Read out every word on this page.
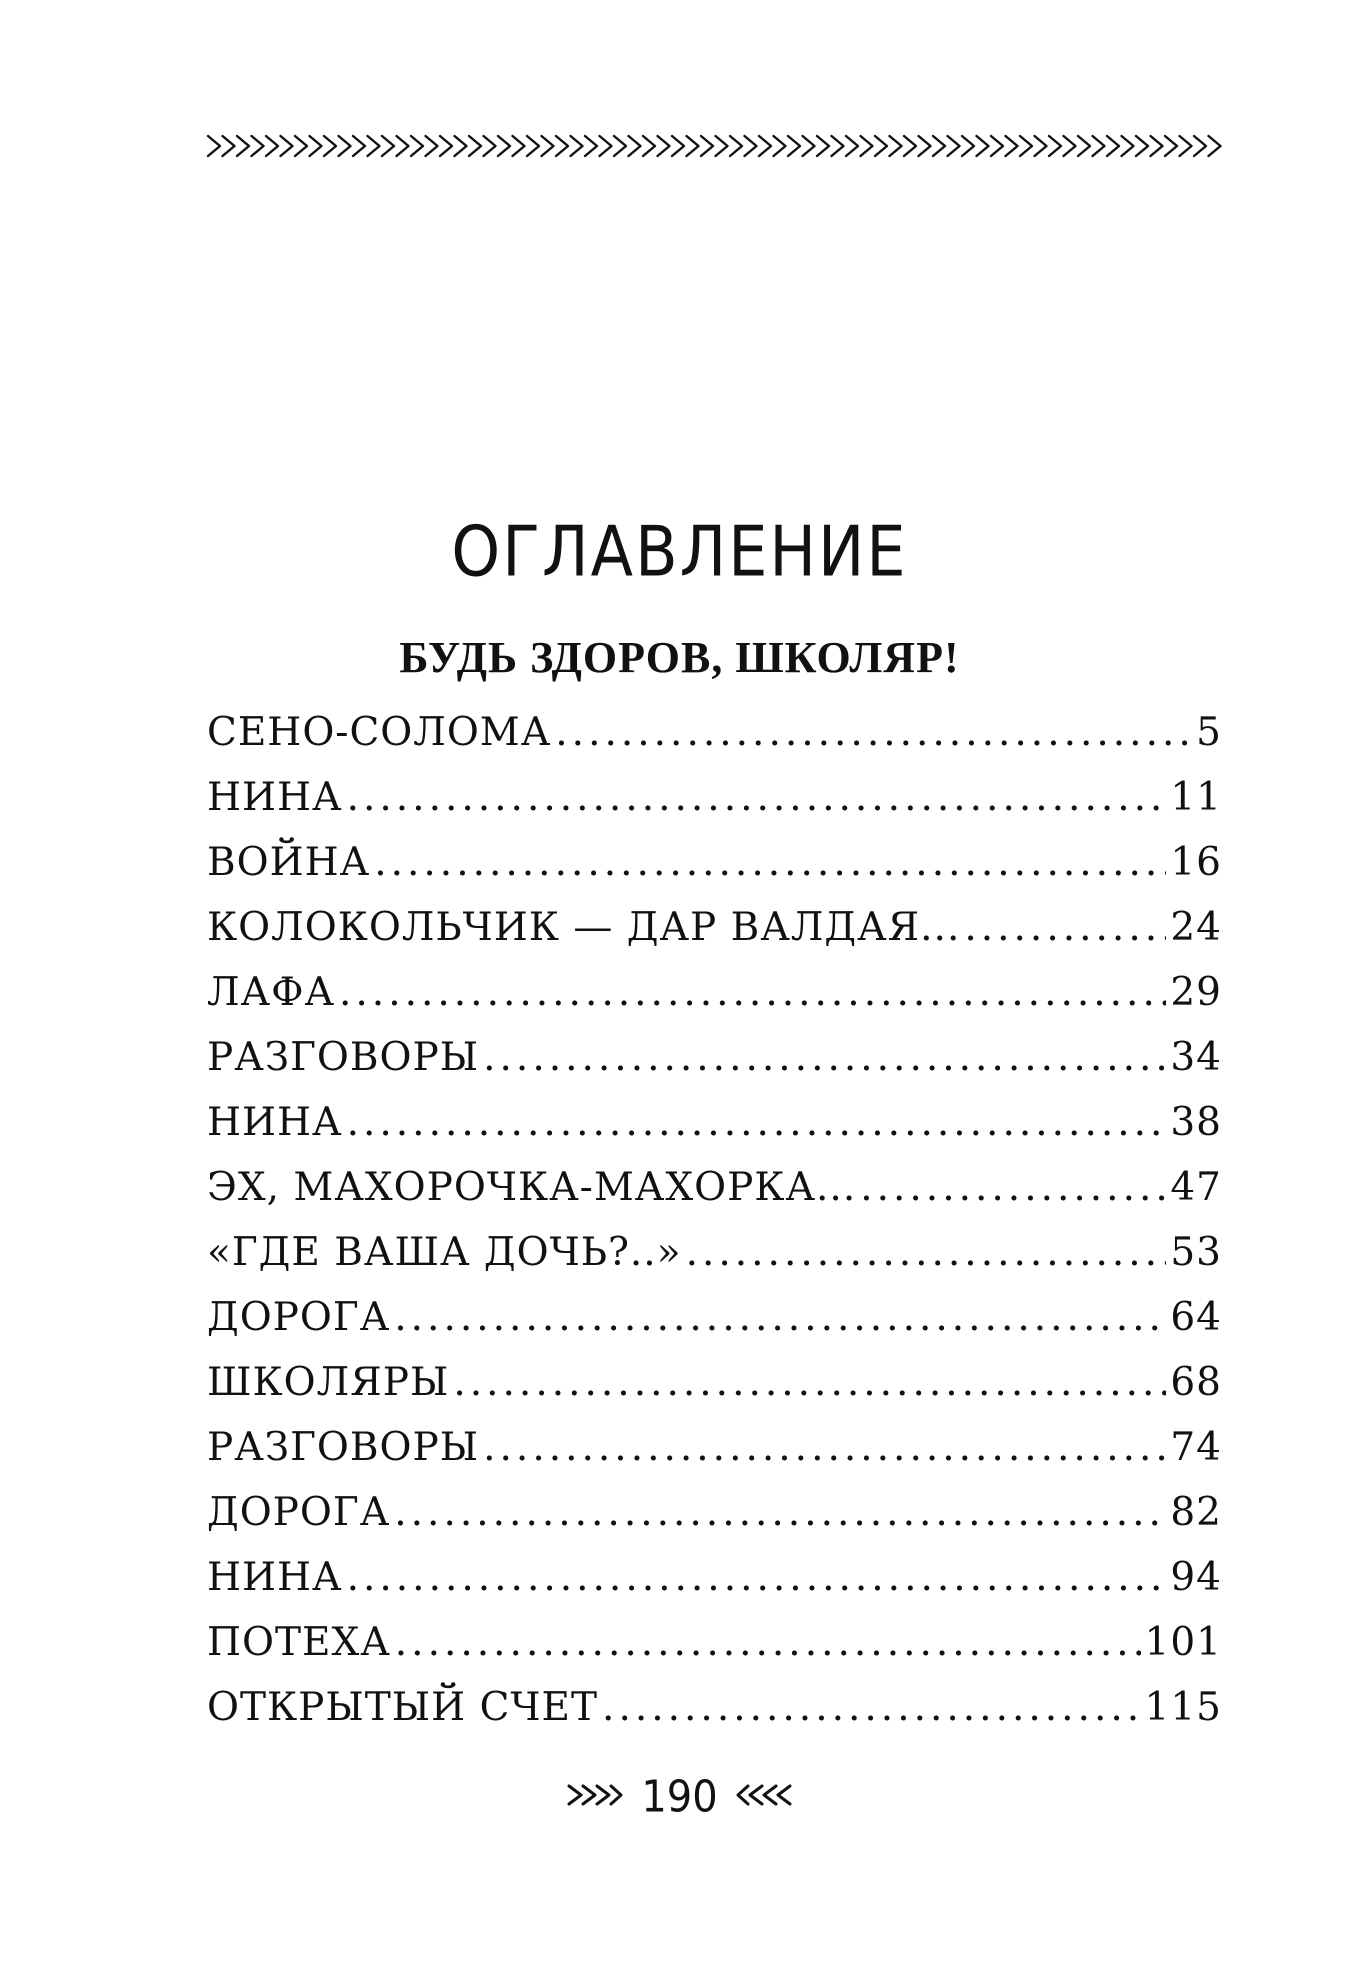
ОГЛАВЛЕНИЕ
БУДЬ ЗДОРОВ, ШКОЛЯР!
СЕНО-СОЛОМА .....	5
НИНА .....	11
ВОЙНА .....	16
КОЛОКОЛЬЧИК — ДАР ВАЛДАЯ... .....	24
ЛАФА .....	29
РАЗГОВОРЫ .....	34
НИНА .....	38
ЭХ, МАХОРОЧКА-МАХОРКА... .....	47
«ГДЕ ВАША ДОЧЬ?..» .....	53
ДОРОГА .....	64
ШКОЛЯРЫ .....	68
РАЗГОВОРЫ .....	74
ДОРОГА .....	82
НИНА .....	94
ПОТЕХА .....	101
ОТКРЫТЫЙ СЧЕТ .....	115
190
